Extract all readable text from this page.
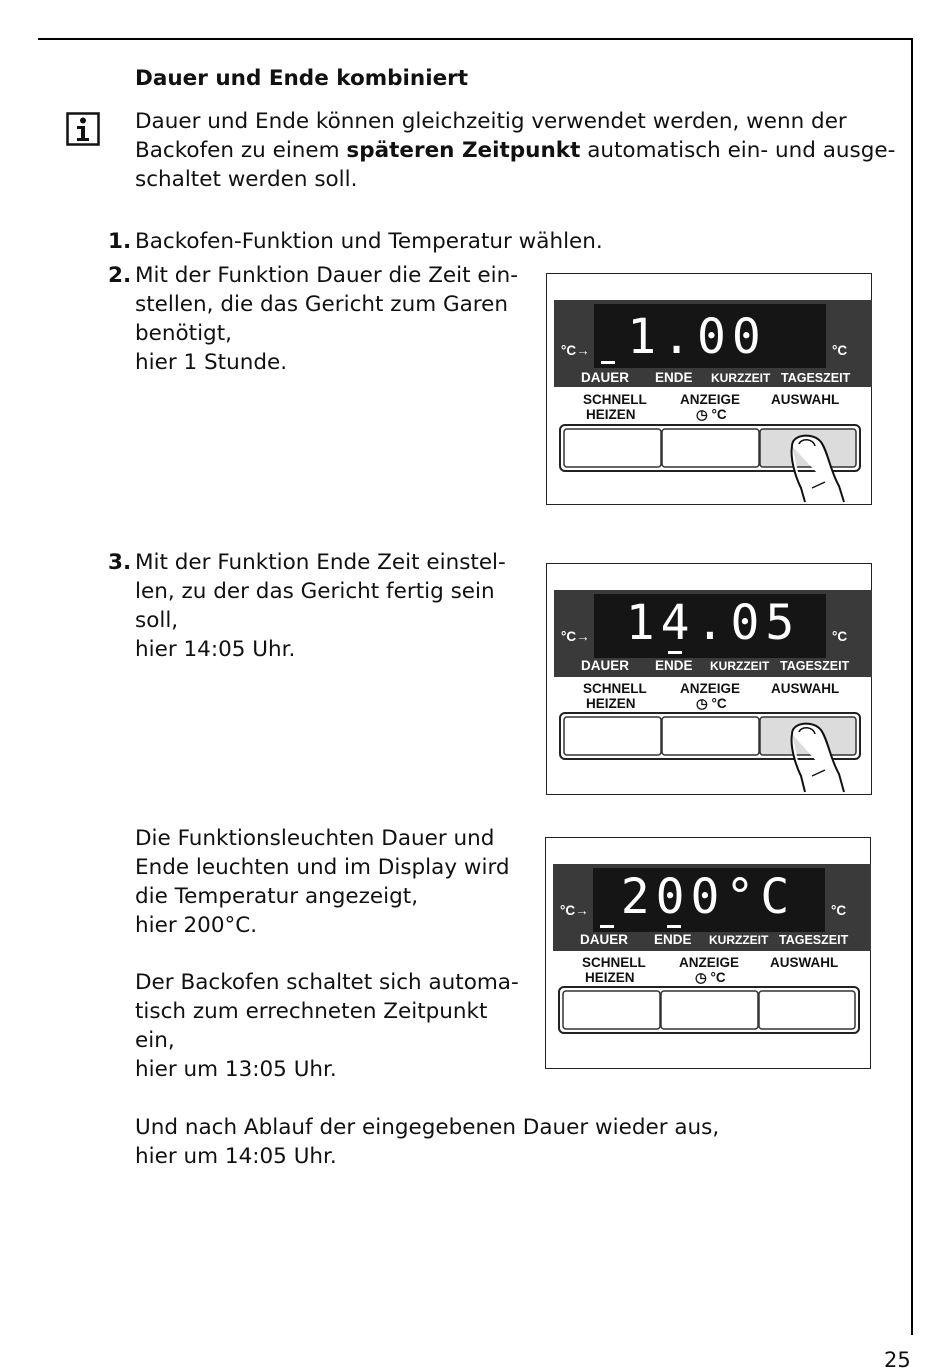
Dauer und Ende kombiniert
Dauer und Ende können gleichzeitig verwendet werden, wenn der
Backofen zu einem späteren Zeitpunkt automatisch ein- und ausge-
schaltet werden soll.
1. Backofen-Funktion und Temperatur wählen.
2. Mit der Funktion Dauer die Zeit ein-
stellen, die das Gericht zum Garen
benötigt,
hier 1 Stunde.
3. Mit der Funktion Ende Zeit einstel-
len, zu der das Gericht fertig sein
soll,
hier 14:05 Uhr.
Die Funktionsleuchten Dauer und
Ende leuchten und im Display wird
die Temperatur angezeigt,
hier 200°C.
Der Backofen schaltet sich automa-
tisch zum errechneten Zeitpunkt
ein,
hier um 13:05 Uhr.
Und nach Ablauf der eingegebenen Dauer wieder aus,
hier um 14:05 Uhr.
25
1.00
°C→	°C
DAUER ENDE KURZZEIT TAGESZEIT
SCHNELL
HEIZEN
ANZEIGE
◷ °C
AUSWAHL
14.05
°C→	°C
DAUER ENDE KURZZEIT TAGESZEIT
SCHNELL
HEIZEN
ANZEIGE
◷ °C
AUSWAHL
200°C
°C→	°C
DAUER ENDE KURZZEIT TAGESZEIT
SCHNELL
HEIZEN
ANZEIGE
◷ °C
AUSWAHL
